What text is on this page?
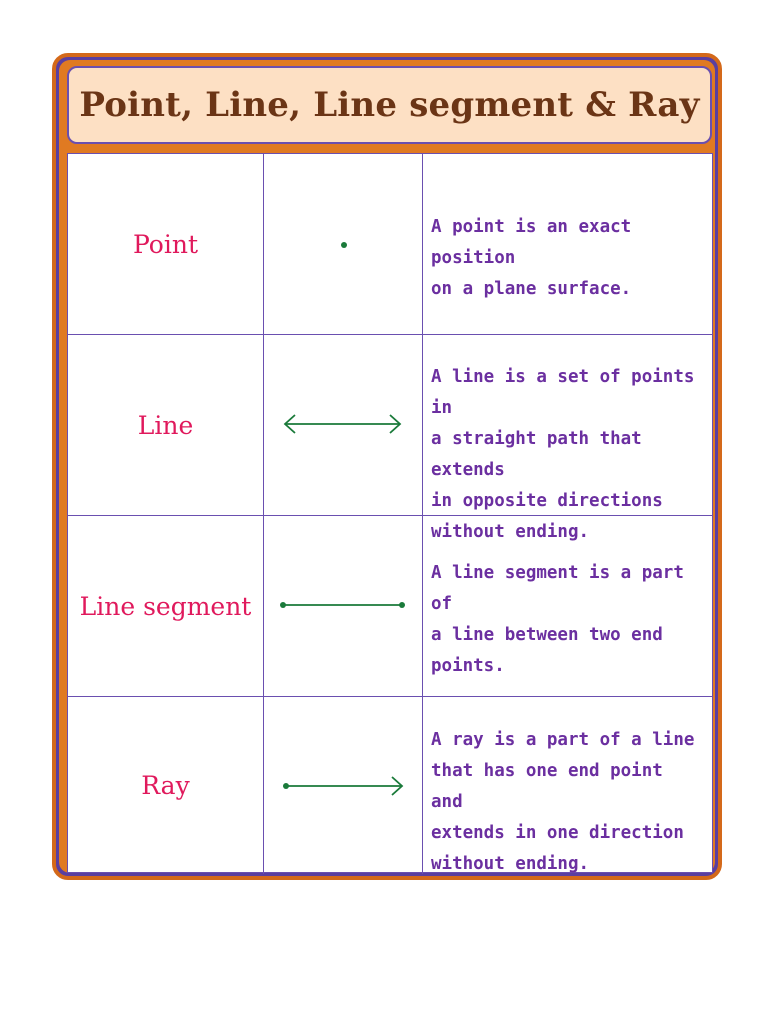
Point, Line, Line segment & Ray
Point
A point is an exact position
on a plane surface.
Line
A line is a set of points in
a straight path that extends
in opposite directions
without ending.
Line segment
A line segment is a part of
a line between two end
points.
Ray
A ray is a part of a line
that has one end point and
extends in one direction
without ending.
